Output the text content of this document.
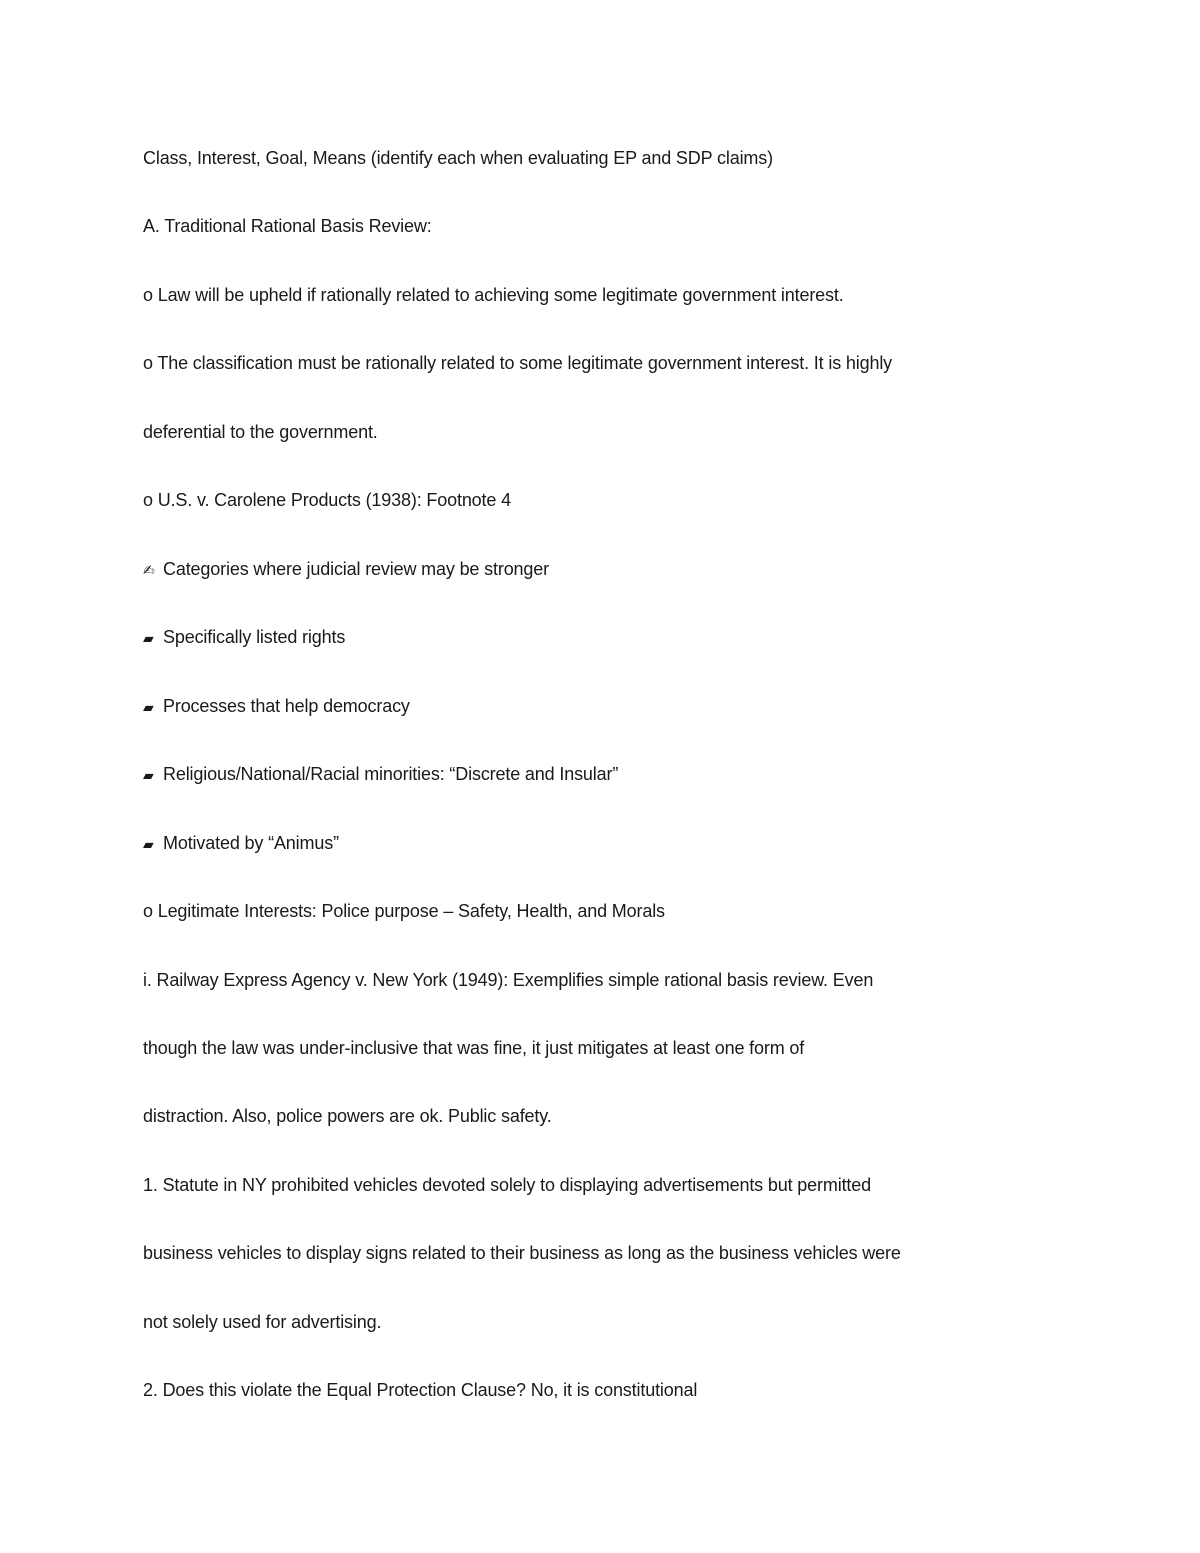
Class, Interest, Goal, Means (identify each when evaluating EP and SDP claims)
A. Traditional Rational Basis Review:
o Law will be upheld if rationally related to achieving some legitimate government interest.
o The classification must be rationally related to some legitimate government interest. It is highly
deferential to the government.
o U.S. v. Carolene Products (1938): Footnote 4
✍ Categories where judicial review may be stronger
▰ Specifically listed rights
▰ Processes that help democracy
▰ Religious/National/Racial minorities: “Discrete and Insular”
▰ Motivated by “Animus”
o Legitimate Interests: Police purpose – Safety, Health, and Morals
i. Railway Express Agency v. New York (1949): Exemplifies simple rational basis review. Even
though the law was under-inclusive that was fine, it just mitigates at least one form of
distraction. Also, police powers are ok. Public safety.
1. Statute in NY prohibited vehicles devoted solely to displaying advertisements but permitted
business vehicles to display signs related to their business as long as the business vehicles were
not solely used for advertising.
2. Does this violate the Equal Protection Clause? No, it is constitutional
